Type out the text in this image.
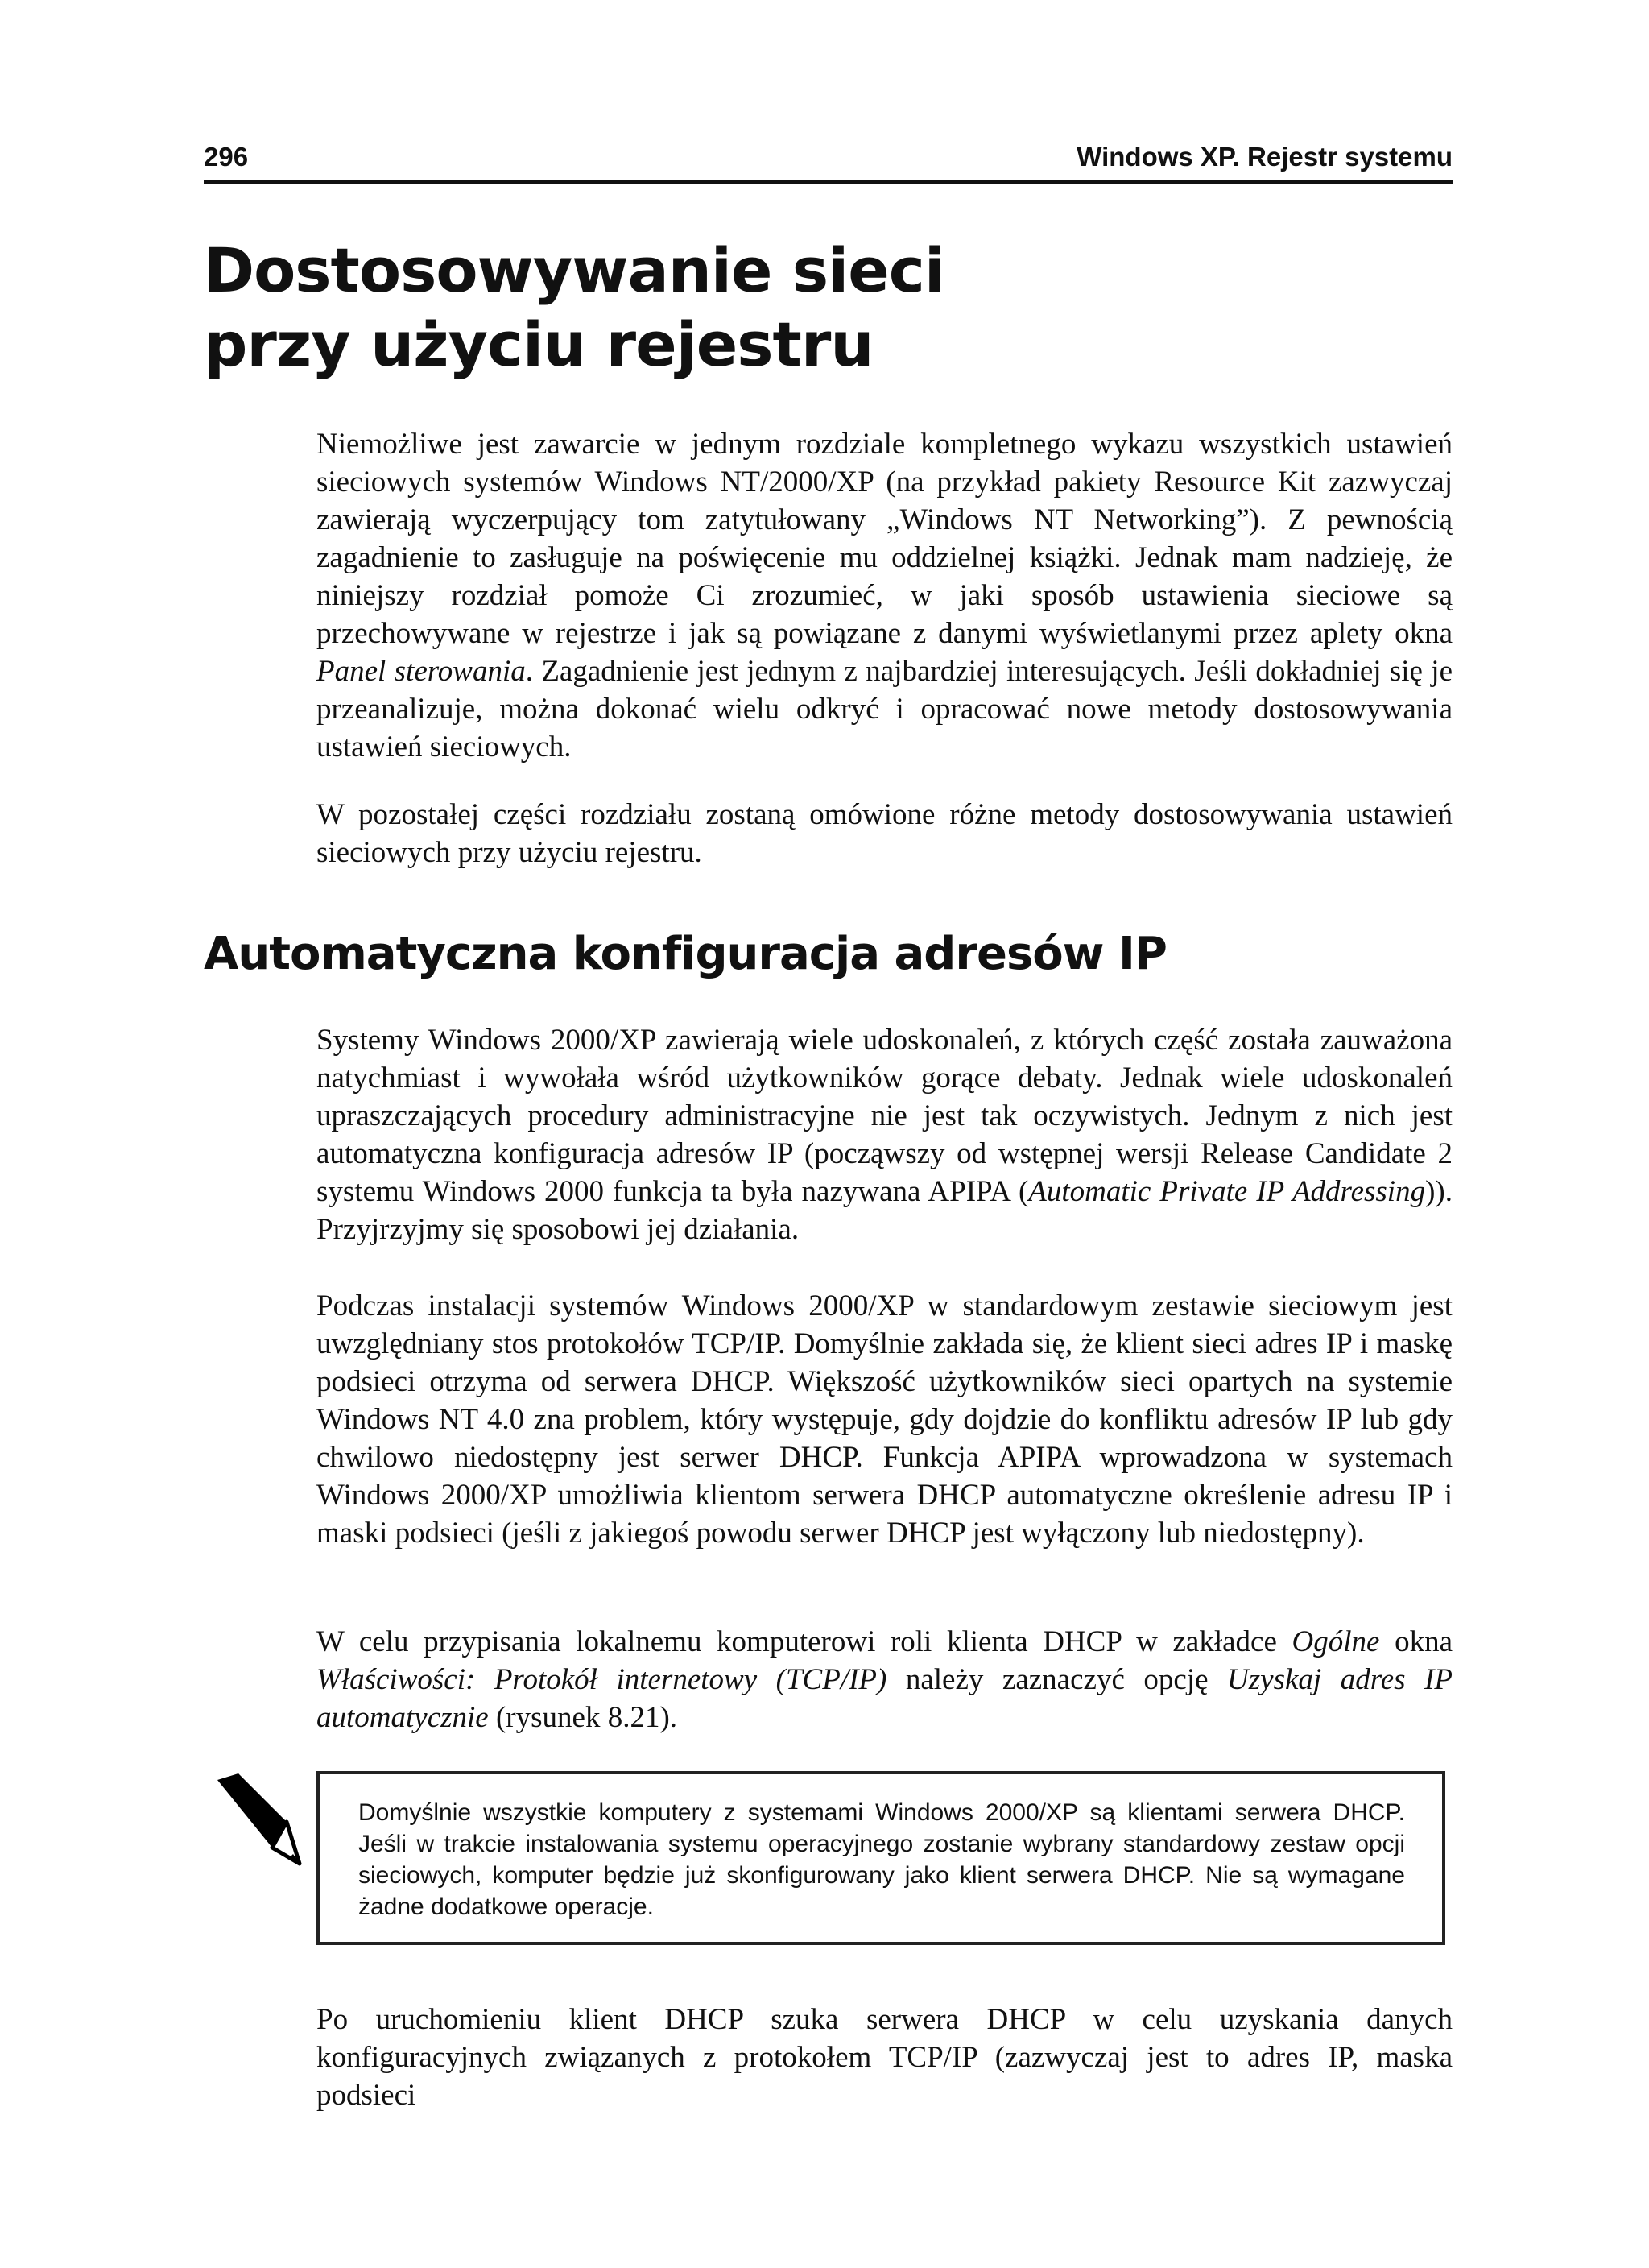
296	Windows XP. Rejestr systemu
Dostosowywanie sieci
przy użyciu rejestru

Niemożliwe jest zawarcie w jednym rozdziale kompletnego wykazu wszystkich ustawień sieciowych systemów Windows NT/2000/XP (na przykład pakiety Resource Kit zazwyczaj zawierają wyczerpujący tom zatytułowany „Windows NT Networking”). Z pewnością zagadnienie to zasługuje na poświęcenie mu oddzielnej książki. Jednak mam nadzieję, że niniejszy rozdział pomoże Ci zrozumieć, w jaki sposób ustawienia sieciowe są przechowywane w rejestrze i jak są powiązane z danymi wyświetlanymi przez aplety okna Panel sterowania. Zagadnienie jest jednym z najbardziej interesujących. Jeśli dokładniej się je przeanalizuje, można dokonać wielu odkryć i opracować nowe metody dostosowywania ustawień sieciowych.

W pozostałej części rozdziału zostaną omówione różne metody dostosowywania ustawień sieciowych przy użyciu rejestru.

Automatyczna konfiguracja adresów IP

Systemy Windows 2000/XP zawierają wiele udoskonaleń, z których część została zauważona natychmiast i wywołała wśród użytkowników gorące debaty. Jednak wiele udoskonaleń upraszczających procedury administracyjne nie jest tak oczywistych. Jednym z nich jest automatyczna konfiguracja adresów IP (począwszy od wstępnej wersji Release Candidate 2 systemu Windows 2000 funkcja ta była nazywana APIPA (Automatic Private IP Addressing)). Przyjrzyjmy się sposobowi jej działania.

Podczas instalacji systemów Windows 2000/XP w standardowym zestawie sieciowym jest uwzględniany stos protokołów TCP/IP. Domyślnie zakłada się, że klient sieci adres IP i maskę podsieci otrzyma od serwera DHCP. Większość użytkowników sieci opartych na systemie Windows NT 4.0 zna problem, który występuje, gdy dojdzie do konfliktu adresów IP lub gdy chwilowo niedostępny jest serwer DHCP. Funkcja APIPA wprowadzona w systemach Windows 2000/XP umożliwia klientom serwera DHCP automatyczne określenie adresu IP i maski podsieci (jeśli z jakiegoś powodu serwer DHCP jest wyłączony lub niedostępny).

W celu przypisania lokalnemu komputerowi roli klienta DHCP w zakładce Ogólne okna Właściwości: Protokół internetowy (TCP/IP) należy zaznaczyć opcję Uzyskaj adres IP automatycznie (rysunek 8.21).

Domyślnie wszystkie komputery z systemami Windows 2000/XP są klientami serwera DHCP. Jeśli w trakcie instalowania systemu operacyjnego zostanie wybrany standardowy zestaw opcji sieciowych, komputer będzie już skonfigurowany jako klient serwera DHCP. Nie są wymagane żadne dodatkowe operacje.

Po uruchomieniu klient DHCP szuka serwera DHCP w celu uzyskania danych konfiguracyjnych związanych z protokołem TCP/IP (zazwyczaj jest to adres IP, maska podsieci
